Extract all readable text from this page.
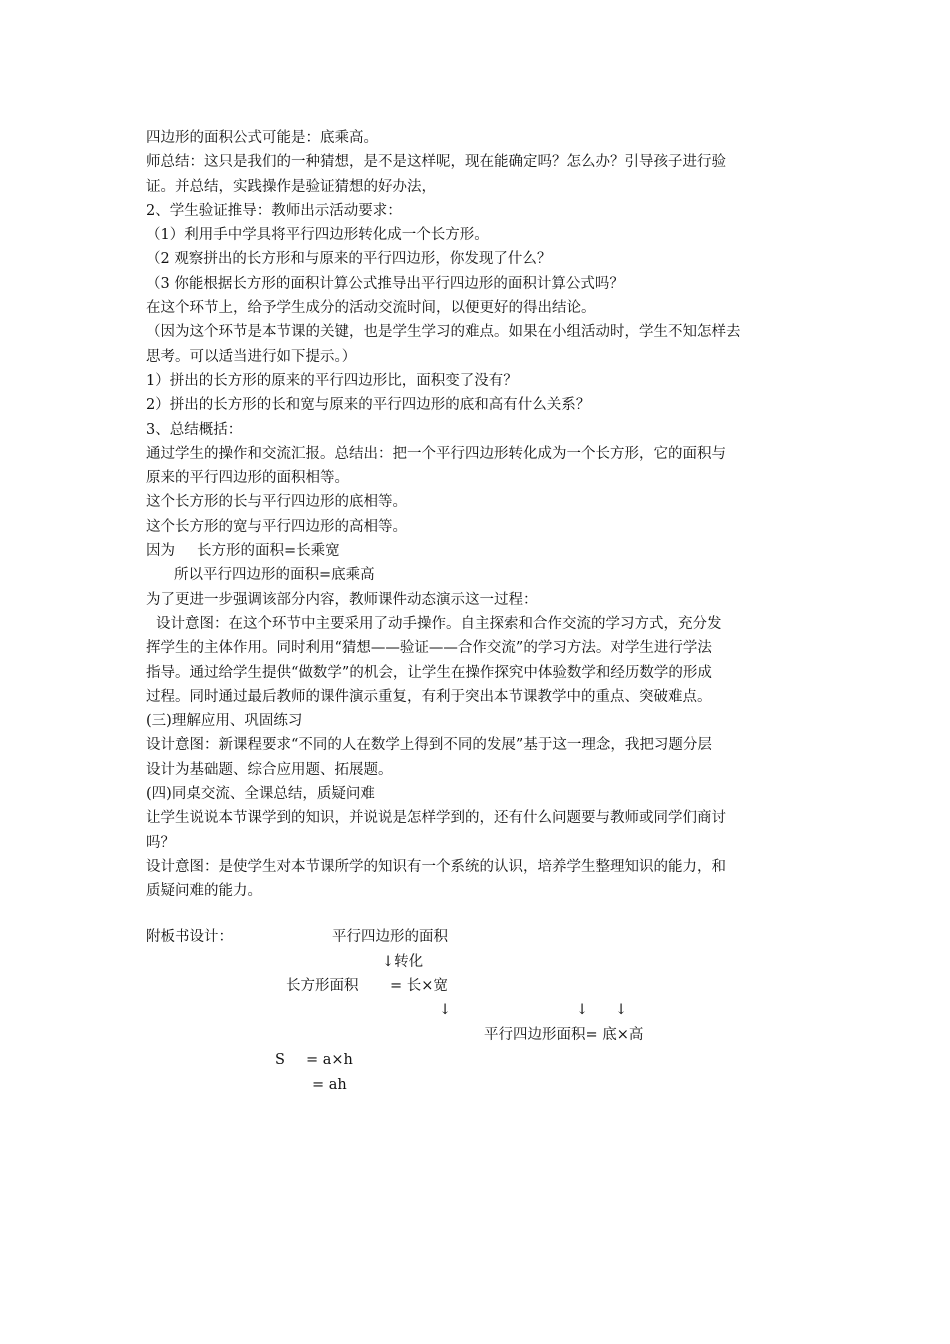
四边形的面积公式可能是：底乘高。
师总结：这只是我们的一种猜想，是不是这样呢，现在能确定吗？怎么办？引导孩子进行验
证。并总结，实践操作是验证猜想的好办法，
2、学生验证推导：教师出示活动要求：
（1）利用手中学具将平行四边形转化成一个长方形。
（2 观察拼出的长方形和与原来的平行四边形，你发现了什么？
（3 你能根据长方形的面积计算公式推导出平行四边形的面积计算公式吗？
在这个环节上，给予学生成分的活动交流时间，以便更好的得出结论。
（因为这个环节是本节课的关键，也是学生学习的难点。如果在小组活动时，学生不知怎样去
思考。可以适当进行如下提示。）
1）拼出的长方形的原来的平行四边形比，面积变了没有？
2）拼出的长方形的长和宽与原来的平行四边形的底和高有什么关系？
3、总结概括：
通过学生的操作和交流汇报。总结出：把一个平行四边形转化成为一个长方形，它的面积与
原来的平行四边形的面积相等。
这个长方形的长与平行四边形的底相等。
这个长方形的宽与平行四边形的高相等。
因为 长方形的面积=长乘宽
所以平行四边形的面积=底乘高
为了更进一步强调该部分内容，教师课件动态演示这一过程：
设计意图：在这个环节中主要采用了动手操作。自主探索和合作交流的学习方式，充分发
挥学生的主体作用。同时利用“猜想——验证——合作交流”的学习方法。对学生进行学法
指导。通过给学生提供“做数学”的机会，让学生在操作探究中体验数学和经历数学的形成
过程。同时通过最后教师的课件演示重复，有利于突出本节课教学中的重点、突破难点。
(三)理解应用、巩固练习
设计意图：新课程要求“不同的人在数学上得到不同的发展”基于这一理念，我把习题分层
设计为基础题、综合应用题、拓展题。
(四)同桌交流、全课总结，质疑问难
让学生说说本节课学到的知识，并说说是怎样学到的，还有什么问题要与教师或同学们商讨
吗？
设计意图：是使学生对本节课所学的知识有一个系统的认识，培养学生整理知识的能力，和
质疑问难的能力。
附板书设计：	平行四边形的面积
↓转化
长方形面积 = 长×宽
↓	↓ ↓
平行四边形面积= 底×高
S = a×h
= ah
